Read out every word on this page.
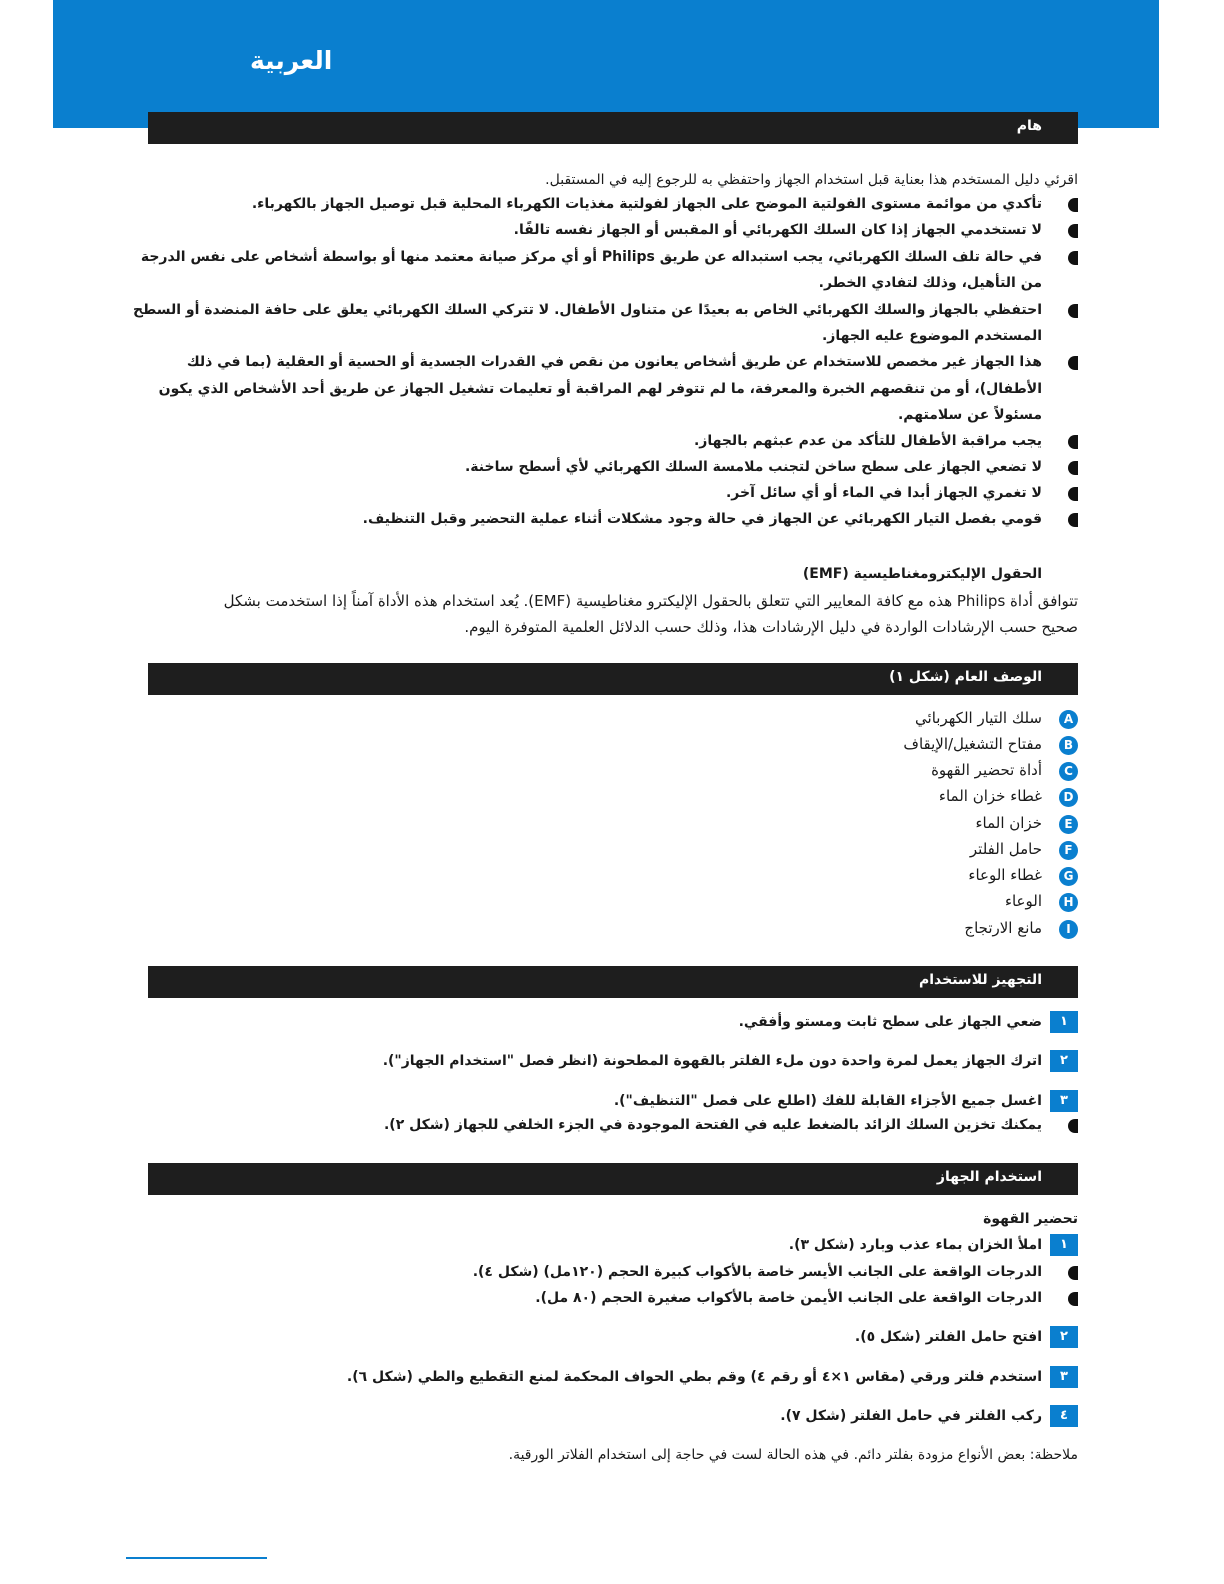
العربية
هام
اقرئي دليل المستخدم هذا بعناية قبل استخدام الجهاز واحتفظي به للرجوع إليه في المستقبل.
تأكدي من موائمة مستوى الفولتية الموضح على الجهاز لفولتية مغذيات الكهرباء المحلية قبل توصيل الجهاز بالكهرباء.
لا تستخدمي الجهاز إذا كان السلك الكهربائي أو المقبس أو الجهاز نفسه تالفًا.
في حالة تلف السلك الكهربائي، يجب استبداله عن طريق Philips أو أي مركز صيانة معتمد منها أو بواسطة أشخاص على نفس الدرجة
من التأهيل، وذلك لتفادي الخطر.
احتفظي بالجهاز والسلك الكهربائي الخاص به بعيدًا عن متناول الأطفال. لا تتركي السلك الكهربائي يعلق على حافة المنضدة أو السطح
المستخدم الموضوع عليه الجهاز.
هذا الجهاز غير مخصص للاستخدام عن طريق أشخاص يعانون من نقص في القدرات الجسدية أو الحسية أو العقلية (بما في ذلك
الأطفال)، أو من تنقصهم الخبرة والمعرفة، ما لم تتوفر لهم المراقبة أو تعليمات تشغيل الجهاز عن طريق أحد الأشخاص الذي يكون
مسئولاً عن سلامتهم.
يجب مراقبة الأطفال للتأكد من عدم عبثهم بالجهاز.
لا تضعي الجهاز على سطح ساخن لتجنب ملامسة السلك الكهربائي لأي أسطح ساخنة.
لا تغمري الجهاز أبدا في الماء أو أي سائل آخر.
قومي بفصل التيار الكهربائي عن الجهاز في حالة وجود مشكلات أثناء عملية التحضير وقبل التنظيف.
الحقول الإليكترومغناطيسية (EMF)
تتوافق أداة Philips هذه مع كافة المعايير التي تتعلق بالحقول الإليكترو مغناطيسية (EMF). يُعد استخدام هذه الأداة آمناً إذا استخدمت بشكل
صحيح حسب الإرشادات الواردة في دليل الإرشادات هذا، وذلك حسب الدلائل العلمية المتوفرة اليوم.
الوصف العام (شكل ١)
A
سلك التيار الكهربائي
B
مفتاح التشغيل/الإيقاف
C
أداة تحضير القهوة
D
غطاء خزان الماء
E
خزان الماء
F
حامل الفلتر
G
غطاء الوعاء
H
الوعاء
I
مانع الارتجاج
التجهيز للاستخدام
١
ضعي الجهاز على سطح ثابت ومستو وأفقي.
٢
اترك الجهاز يعمل لمرة واحدة دون ملء الفلتر بالقهوة المطحونة (انظر فصل "استخدام الجهاز").
٣
اغسل جميع الأجزاء القابلة للفك (اطلع على فصل "التنظيف").
يمكنك تخزين السلك الزائد بالضغط عليه في الفتحة الموجودة في الجزء الخلفي للجهاز (شكل ٢).
استخدام الجهاز
تحضير القهوة
١
املأ الخزان بماء عذب وبارد (شكل ٣).
الدرجات الواقعة على الجانب الأيسر خاصة بالأكواب كبيرة الحجم (١٢٠مل) (شكل ٤).
الدرجات الواقعة على الجانب الأيمن خاصة بالأكواب صغيرة الحجم (٨٠ مل).
٢
افتح حامل الفلتر (شكل ٥).
٣
استخدم فلتر ورقي (مقاس ١×٤ أو رقم ٤) وقم بطي الحواف المحكمة لمنع التقطيع والطي (شكل ٦).
٤
ركب الفلتر في حامل الفلتر (شكل ٧).
ملاحظة: بعض الأنواع مزودة بفلتر دائم. في هذه الحالة لست في حاجة إلى استخدام الفلاتر الورقية.
